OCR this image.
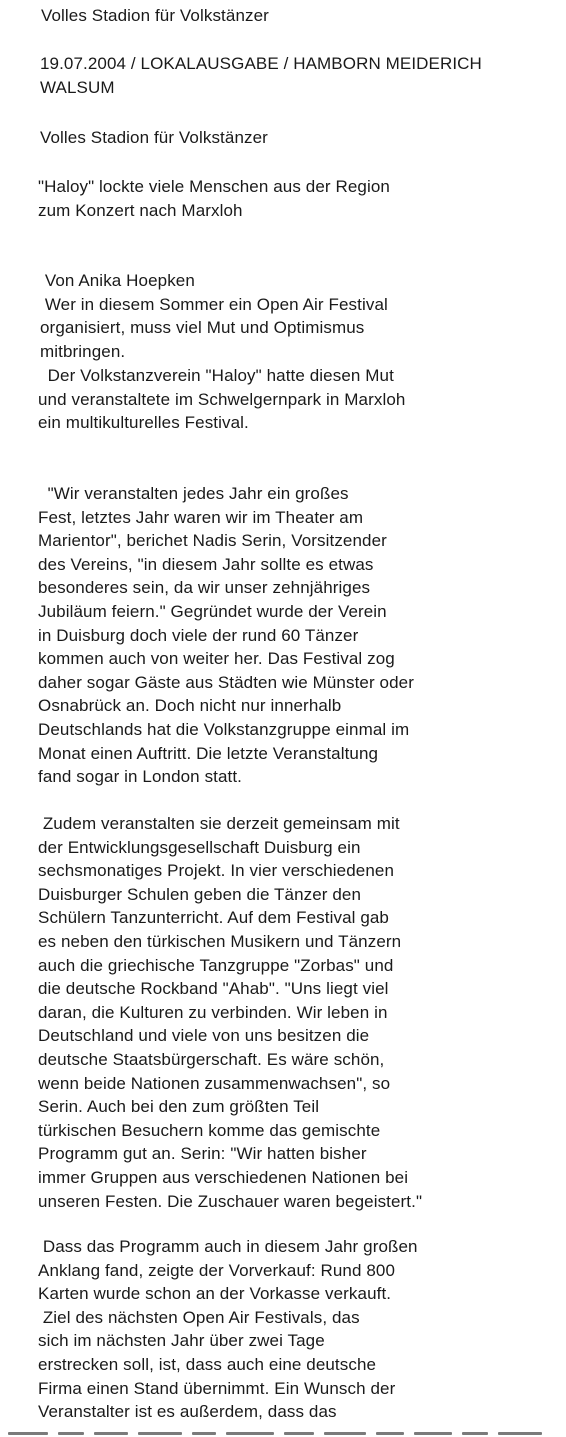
Volles Stadion für Volkstänzer

19.07.2004 / LOKALAUSGABE / HAMBORN MEIDERICH
WALSUM

Volles Stadion für Volkstänzer

"Haloy" lockte viele Menschen aus der Region
zum Konzert nach Marxloh

Von Anika Hoepken
Wer in diesem Sommer ein Open Air Festival
organisiert, muss viel Mut und Optimismus
mitbringen.

Der Volkstanzverein "Haloy" hatte diesen Mut
und veranstaltete im Schwelgernpark in Marxloh
ein multikulturelles Festival.

"Wir veranstalten jedes Jahr ein großes
Fest, letztes Jahr waren wir im Theater am
Marientor", berichet Nadis Serin, Vorsitzender
des Vereins, "in diesem Jahr sollte es etwas
besonderes sein, da wir unser zehnjähriges
Jubiläum feiern." Gegründet wurde der Verein
in Duisburg doch viele der rund 60 Tänzer
kommen auch von weiter her. Das Festival zog
daher sogar Gäste aus Städten wie Münster oder
Osnabrück an. Doch nicht nur innerhalb
Deutschlands hat die Volkstanzgruppe einmal im
Monat einen Auftritt. Die letzte Veranstaltung
fand sogar in London statt.

Zudem veranstalten sie derzeit gemeinsam mit
der Entwicklungsgesellschaft Duisburg ein
sechsmonatiges Projekt. In vier verschiedenen
Duisburger Schulen geben die Tänzer den
Schülern Tanzunterricht. Auf dem Festival gab
es neben den türkischen Musikern und Tänzern
auch die griechische Tanzgruppe "Zorbas" und
die deutsche Rockband "Ahab". "Uns liegt viel
daran, die Kulturen zu verbinden. Wir leben in
Deutschland und viele von uns besitzen die
deutsche Staatsbürgerschaft. Es wäre schön,
wenn beide Nationen zusammenwachsen", so
Serin. Auch bei den zum größten Teil
türkischen Besuchern komme das gemischte
Programm gut an. Serin: "Wir hatten bisher
immer Gruppen aus verschiedenen Nationen bei
unseren Festen. Die Zuschauer waren begeistert."

Dass das Programm auch in diesem Jahr großen
Anklang fand, zeigte der Vorverkauf: Rund 800
Karten wurde schon an der Vorkasse verkauft.
Ziel des nächsten Open Air Festivals, das
sich im nächsten Jahr über zwei Tage
erstrecken soll, ist, dass auch eine deutsche
Firma einen Stand übernimmt. Ein Wunsch der
Veranstalter ist es außerdem, dass das
